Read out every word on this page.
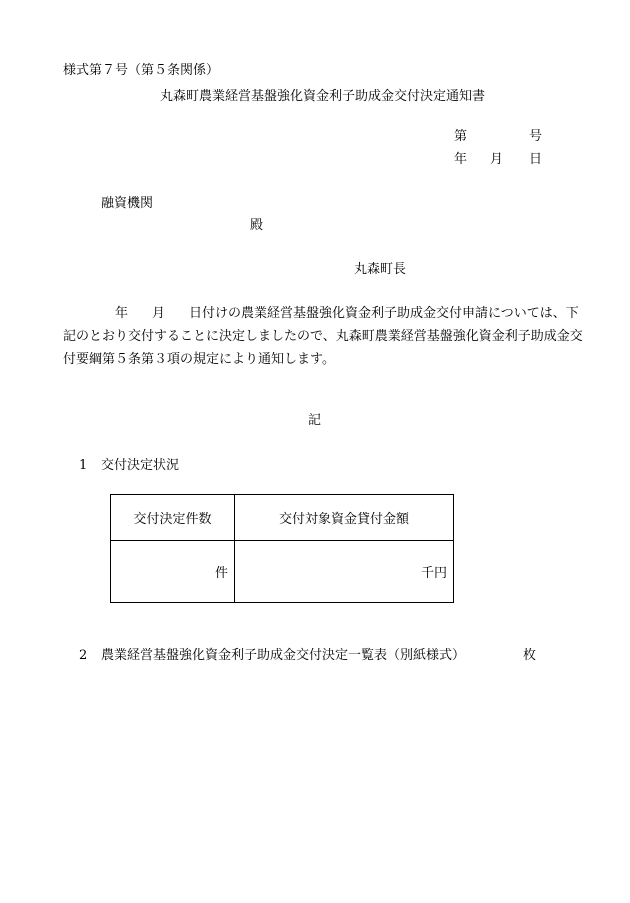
様式第７号（第５条関係）
丸森町農業経営基盤強化資金利子助成金交付決定通知書
第	号
年 月 日
融資機関
殿
丸森町長
年 月 日付けの農業経営基盤強化資金利子助成金交付申請については、下
記のとおり交付することに決定しましたので、丸森町農業経営基盤強化資金利子助成金交
付要綱第５条第３項の規定により通知します。
記
1 交付決定状況
交付決定件数	交付対象資金貸付金額
件	千円
2 農業経営基盤強化資金利子助成金交付決定一覧表（別紙様式）	枚
